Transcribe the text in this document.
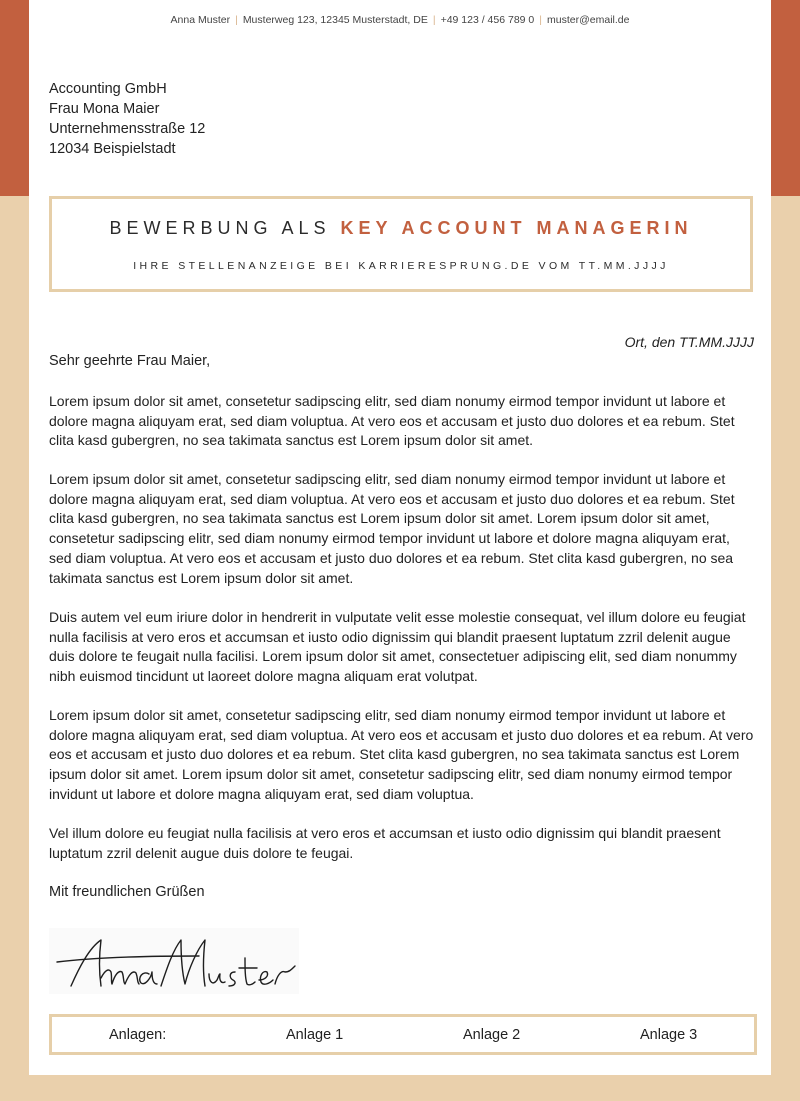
Anna Muster | Musterweg 123, 12345 Musterstadt, DE | +49 123 / 456 789 0 | muster@email.de
Accounting GmbH
Frau Mona Maier
Unternehmensstraße 12
12034 Beispielstadt
BEWERBUNG ALS KEY ACCOUNT MANAGERIN
IHRE STELLENANZEIGE BEI KARRIERESPRUNG.DE VOM TT.MM.JJJJ
Ort, den TT.MM.JJJJ
Sehr geehrte Frau Maier,

Lorem ipsum dolor sit amet, consetetur sadipscing elitr, sed diam nonumy eirmod tempor invidunt ut labore et dolore magna aliquyam erat, sed diam voluptua. At vero eos et accusam et justo duo dolores et ea rebum. Stet clita kasd gubergren, no sea takimata sanctus est Lorem ipsum dolor sit amet.

Lorem ipsum dolor sit amet, consetetur sadipscing elitr, sed diam nonumy eirmod tempor invidunt ut labore et dolore magna aliquyam erat, sed diam voluptua. At vero eos et accusam et justo duo dolores et ea rebum. Stet clita kasd gubergren, no sea takimata sanctus est Lorem ipsum dolor sit amet. Lorem ipsum dolor sit amet, consetetur sadipscing elitr, sed diam nonumy eirmod tempor invidunt ut labore et dolore magna aliquyam erat, sed diam voluptua. At vero eos et accusam et justo duo dolores et ea rebum. Stet clita kasd gubergren, no sea takimata sanctus est Lorem ipsum dolor sit amet.

Duis autem vel eum iriure dolor in hendrerit in vulputate velit esse molestie consequat, vel illum dolore eu feugiat nulla facilisis at vero eros et accumsan et iusto odio dignissim qui blandit praesent luptatum zzril delenit augue duis dolore te feugait nulla facilisi. Lorem ipsum dolor sit amet, consectetuer adipiscing elit, sed diam nonummy nibh euismod tincidunt ut laoreet dolore magna aliquam erat volutpat.

Lorem ipsum dolor sit amet, consetetur sadipscing elitr, sed diam nonumy eirmod tempor invidunt ut labore et dolore magna aliquyam erat, sed diam voluptua. At vero eos et accusam et justo duo dolores et ea rebum. At vero eos et accusam et justo duo dolores et ea rebum. Stet clita kasd gubergren, no sea takimata sanctus est Lorem ipsum dolor sit amet. Lorem ipsum dolor sit amet, consetetur sadipscing elitr, sed diam nonumy eirmod tempor invidunt ut labore et dolore magna aliquyam erat, sed diam voluptua.

Vel illum dolore eu feugiat nulla facilisis at vero eros et accumsan et iusto odio dignissim qui blandit praesent luptatum zzril delenit augue duis dolore te feugai.

Mit freundlichen Grüßen
Anlagen:	Anlage 1	Anlage 2	Anlage 3
